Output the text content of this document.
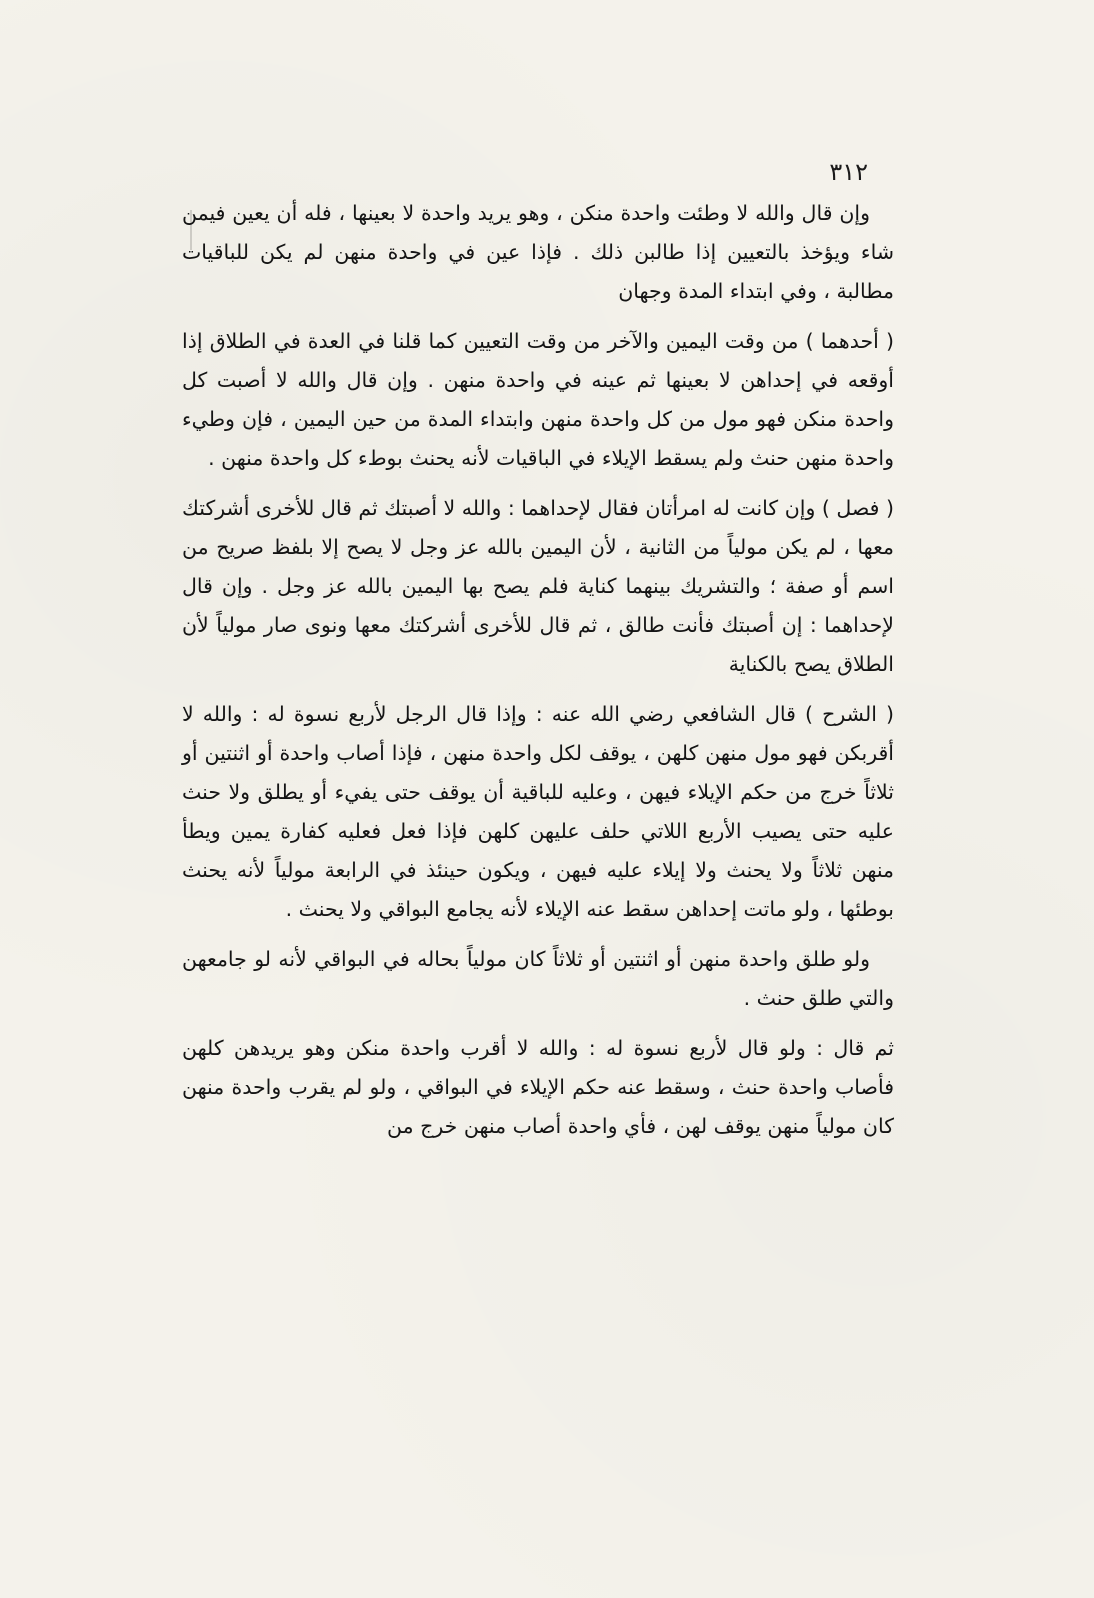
٣١٢

وإن قال والله لا وطئت واحدة منكن ، وهو يريد واحدة لا بعينها ، فله أن يعين فيمن شاء ويؤخذ بالتعيين إذا طالبن ذلك . فإذا عين في واحدة منهن لم يكن للباقيات مطالبة ، وفي ابتداء المدة وجهان

( أحدهما ) من وقت اليمين والآخر من وقت التعيين كما قلنا في العدة في الطلاق إذا أوقعه في إحداهن لا بعينها ثم عينه في واحدة منهن . وإن قال والله لا أصبت كل واحدة منكن فهو مول من كل واحدة منهن وابتداء المدة من حين اليمين ، فإن وطيء واحدة منهن حنث ولم يسقط الإيلاء في الباقيات لأنه يحنث بوطء كل واحدة منهن .

( فصل ) وإن كانت له امرأتان فقال لإحداهما : والله لا أصبتك ثم قال للأخرى أشركتك معها ، لم يكن مولياً من الثانية ، لأن اليمين بالله عز وجل لا يصح إلا بلفظ صريح من اسم أو صفة ؛ والتشريك بينهما كناية فلم يصح بها اليمين بالله عز وجل . وإن قال لإحداهما : إن أصبتك فأنت طالق ، ثم قال للأخرى أشركتك معها ونوى صار مولياً لأن الطلاق يصح بالكناية

( الشرح ) قال الشافعي رضي الله عنه : وإذا قال الرجل لأربع نسوة له : والله لا أقربكن فهو مول منهن كلهن ، يوقف لكل واحدة منهن ، فإذا أصاب واحدة أو اثنتين أو ثلاثاً خرج من حكم الإيلاء فيهن ، وعليه للباقية أن يوقف حتى يفيء أو يطلق ولا حنث عليه حتى يصيب الأربع اللاتي حلف عليهن كلهن فإذا فعل فعليه كفارة يمين ويطأ منهن ثلاثاً ولا يحنث ولا إيلاء عليه فيهن ، ويكون حينئذ في الرابعة مولياً لأنه يحنث بوطئها ، ولو ماتت إحداهن سقط عنه الإيلاء لأنه يجامع البواقي ولا يحنث .

ولو طلق واحدة منهن أو اثنتين أو ثلاثاً كان مولياً بحاله في البواقي لأنه لو جامعهن والتي طلق حنث .

ثم قال : ولو قال لأربع نسوة له : والله لا أقرب واحدة منكن وهو يريدهن كلهن فأصاب واحدة حنث ، وسقط عنه حكم الإيلاء في البواقي ، ولو لم يقرب واحدة منهن كان مولياً منهن يوقف لهن ، فأي واحدة أصاب منهن خرج من
